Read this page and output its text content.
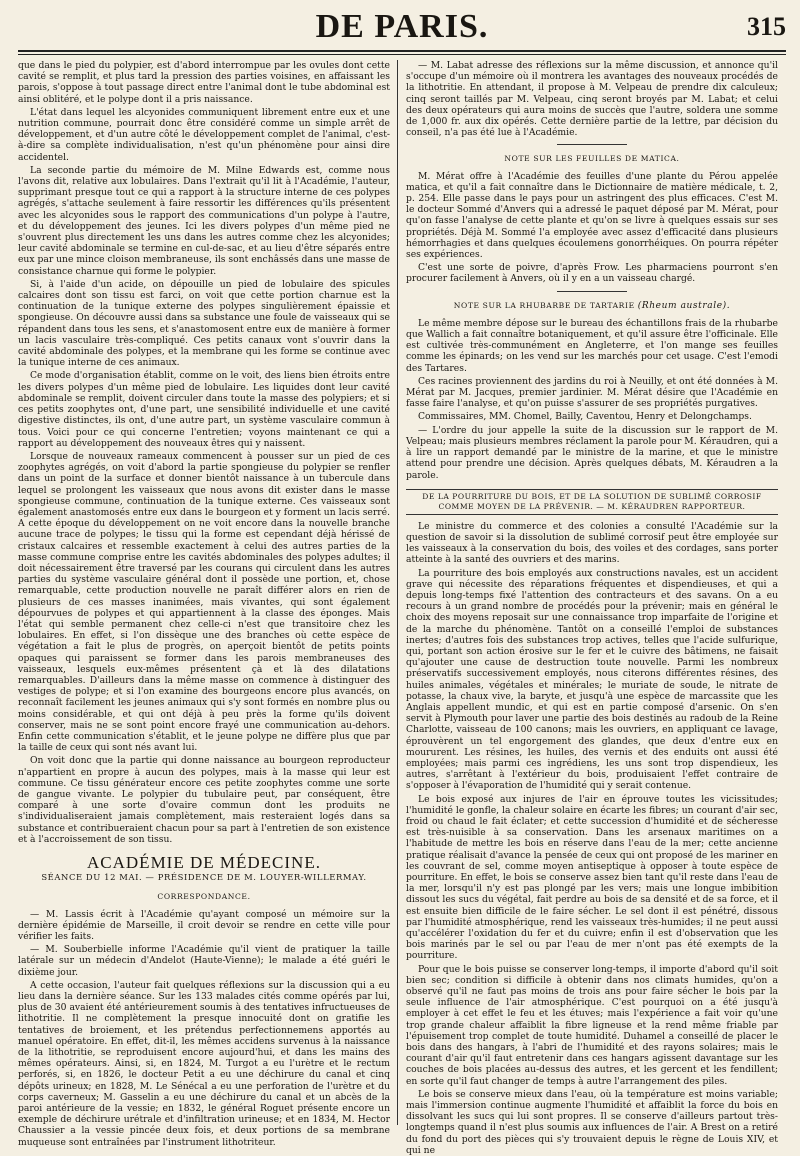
DE PARIS.	315

que dans le pied du polypier, est d'abord interrompue par les ovules dont cette cavité se remplit, et plus tard la pression des parties voisines, en affaissant les parois, s'oppose à tout passage direct entre l'animal dont le tube abdominal est ainsi oblitéré, et le polype dont il a pris naissance.

L'état dans lequel les alcyonides communiquent librement entre eux et une nutrition commune, pourrait donc être considéré comme un simple arrêt de développement, et d'un autre côté le développement complet de l'animal, c'est-à-dire sa complète individualisation, n'est qu'un phénomène pour ainsi dire accidentel.

La seconde partie du mémoire de M. Milne Edwards est, comme nous l'avons dit, relative aux lobulaires. Dans l'extrait qu'il lit à l'Académie, l'auteur, supprimant presque tout ce qui a rapport à la structure interne de ces polypes agrégés, s'attache seulement à faire ressortir les différences qu'ils présentent avec les alcyonides sous le rapport des communications d'un polype à l'autre, et du développement des jeunes. Ici les divers polypes d'un même pied ne s'ouvrent plus directement les uns dans les autres comme chez les alcyonides; leur cavité abdominale se termine en cul-de-sac, et au lieu d'être séparés entre eux par une mince cloison membraneuse, ils sont enchâssés dans une masse de consistance charnue qui forme le polypier.

Si, à l'aide d'un acide, on dépouille un pied de lobulaire des spicules calcaires dont son tissu est farci, on voit que cette portion charnue est la continuation de la tunique externe des polypes singulièrement épaissie et spongieuse. On découvre aussi dans sa substance une foule de vaisseaux qui se répandent dans tous les sens, et s'anastomosent entre eux de manière à former un lacis vasculaire très-compliqué. Ces petits canaux vont s'ouvrir dans la cavité abdominale des polypes, et la membrane qui les forme se continue avec la tunique interne de ces animaux.

Ce mode d'organisation établit, comme on le voit, des liens bien étroits entre les divers polypes d'un même pied de lobulaire. Les liquides dont leur cavité abdominale se remplit, doivent circuler dans toute la masse des polypiers; et si ces petits zoophytes ont, d'une part, une sensibilité individuelle et une cavité digestive distinctes, ils ont, d'une autre part, un système vasculaire commun à tous. Voici pour ce qui concerne l'entretien; voyons maintenant ce qui a rapport au développement des nouveaux êtres qui y naissent.

Lorsque de nouveaux rameaux commencent à pousser sur un pied de ces zoophytes agrégés, on voit d'abord la partie spongieuse du polypier se renfler dans un point de la surface et donner bientôt naissance à un tubercule dans lequel se prolongent les vaisseaux que nous avons dit exister dans le masse spongieuse commune, continuation de la tunique externe. Ces vaisseaux sont également anastomosés entre eux dans le bourgeon et y forment un lacis serré. A cette époque du développement on ne voit encore dans la nouvelle branche aucune trace de polypes; le tissu qui la forme est cependant déjà hérissé de cristaux calcaires et ressemble exactement à celui des autres parties de la masse commune comprise entre les cavités abdominales des polypes adultes; il doit nécessairement être traversé par les courans qui circulent dans les autres parties du système vasculaire général dont il possède une portion, et, chose remarquable, cette production nouvelle ne paraît différer alors en rien de plusieurs de ces masses inanimées, mais vivantes, qui sont également dépourvues de polypes et qui appartiennent à la classe des éponges. Mais l'état qui semble permanent chez celle-ci n'est que transitoire chez les lobulaires. En effet, si l'on dissèque une des branches où cette espèce de végétation a fait le plus de progrès, on aperçoit bientôt de petits points opaques qui paraissent se former dans les parois membraneuses des vaisseaux, lesquels eux-mêmes présentent çà et là des dilatations remarquables. D'ailleurs dans la même masse on commence à distinguer des vestiges de polype; et si l'on examine des bourgeons encore plus avancés, on reconnaît facilement les jeunes animaux qui s'y sont formés en nombre plus ou moins considérable, et qui ont déjà à peu près la forme qu'ils doivent conserver, mais ne se sont point encore frayé une communication au-dehors. Enfin cette communication s'établit, et le jeune polype ne diffère plus que par la taille de ceux qui sont nés avant lui.

On voit donc que la partie qui donne naissance au bourgeon reproducteur n'appartient en propre à aucun des polypes, mais à la masse qui leur est commune. Ce tissu générateur encore ces petite zoophytes comme une sorte de gangue vivante. Le polypier du tubulaire peut, par conséquent, être comparé à une sorte d'ovaire commun dont les produits ne s'individualiseraient jamais complètement, mais resteraient logés dans sa substance et contribueraient chacun pour sa part à l'entretien de son existence et à l'accroissement de son tissu.

ACADÉMIE DE MÉDECINE.
SÉANCE DU 12 MAI. — PRÉSIDENCE DE M. LOUYER-WILLERMAY.
CORRESPONDANCE.

— M. Lassis écrit à l'Académie qu'ayant composé un mémoire sur la dernière épidémie de Marseille, il croit devoir se rendre en cette ville pour vérifier les faits.

— M. Souberbielle informe l'Académie qu'il vient de pratiquer la taille latérale sur un médecin d'Andelot (Haute-Vienne); le malade a été guéri le dixième jour.

A cette occasion, l'auteur fait quelques réflexions sur la discussion qui a eu lieu dans la dernière séance. Sur les 133 malades cités comme opérés par lui, plus de 30 avaient été antérieurement soumis à des tentatives infructueuses de lithotritie. Il ne complètement la presque innocuité dont on gratifie les tentatives de broiement, et les prétendus perfectionnemens apportés au manuel opératoire. En effet, dit-il, les mêmes accidens survenus à la naissance de la lithotritie, se reproduisent encore aujourd'hui, et dans les mains des mêmes opérateurs. Ainsi, si, en 1824, M. Turgot a eu l'urètre et le rectum perforés, si, en 1826, le docteur Petit a eu une déchirure du canal et cinq dépôts urineux; en 1828, M. Le Sénécal a eu une perforation de l'urètre et du corps caverneux; M. Gasselin a eu une déchirure du canal et un abcès de la paroi antérieure de la vessie; en 1832, le général Roguet présente encore un exemple de déchirure urétrale et d'infiltration urineuse; et en 1834, M. Hector Chaussier a la vessie pincée deux fois, et deux portions de sa membrane muqueuse sont entraînées par l'instrument lithotriteur.

— M. Labat adresse des réflexions sur la même discussion, et annonce qu'il s'occupe d'un mémoire où il montrera les avantages des nouveaux procédés de la lithotritie. En attendant, il propose à M. Velpeau de prendre dix calculeux; cinq seront taillés par M. Velpeau, cinq seront broyés par M. Labat; et celui des deux opérateurs qui aura moins de succès que l'autre, soldera une somme de 1,000 fr. aux dix opérés. Cette dernière partie de la lettre, par décision du conseil, n'a pas été lue à l'Académie.

NOTE SUR LES FEUILLES DE MATICA.

M. Mérat offre à l'Académie des feuilles d'une plante du Pérou appelée matica, et qu'il a fait connaître dans le Dictionnaire de matière médicale, t. 2, p. 254. Elle passe dans le pays pour un astringent des plus efficaces. C'est M. le docteur Sommé d'Anvers qui a adressé le paquet déposé par M. Mérat, pour qu'on fasse l'analyse de cette plante et qu'on se livre à quelques essais sur ses propriétés. Déjà M. Sommé l'a employée avec assez d'efficacité dans plusieurs hémorrhagies et dans quelques écoulemens gonorrhéiques. On pourra répéter ses expériences.

C'est une sorte de poivre, d'après Frow. Les pharmaciens pourront s'en procurer facilement à Anvers, où il y en a un vaisseau chargé.

NOTE SUR LA RHUBARBE DE TARTARIE (Rheum australe).

Le même membre dépose sur le bureau des échantillons frais de la rhubarbe que Wallich a fait connaître botaniquement, et qu'il assure être l'officinale. Elle est cultivée très-communément en Angleterre, et l'on mange ses feuilles comme les épinards; on les vend sur les marchés pour cet usage. C'est l'emodi des Tartares.

Ces racines proviennent des jardins du roi à Neuilly, et ont été données à M. Mérat par M. Jacques, premier jardinier. M. Mérat désire que l'Académie en fasse faire l'analyse, et qu'on puisse s'assurer de ses propriétés purgatives.

Commissaires, MM. Chomel, Bailly, Caventou, Henry et Delongchamps.

— L'ordre du jour appelle la suite de la discussion sur le rapport de M. Velpeau; mais plusieurs membres réclament la parole pour M. Kéraudren, qui a à lire un rapport demandé par le ministre de la marine, et que le ministre attend pour prendre une décision. Après quelques débats, M. Kéraudren a la parole.

DE LA POURRITURE DU BOIS, ET DE LA SOLUTION DE SUBLIMÉ CORROSIF COMME MOYEN DE LA PRÉVENIR. — M. KÉRAUDREN RAPPORTEUR.

Le ministre du commerce et des colonies a consulté l'Académie sur la question de savoir si la dissolution de sublimé corrosif peut être employée sur les vaisseaux à la conservation du bois, des voiles et des cordages, sans porter atteinte à la santé des ouvriers et des marins.

La pourriture des bois employés aux constructions navales, est un accident grave qui nécessite des réparations fréquentes et dispendieuses, et qui a depuis long-temps fixé l'attention des contracteurs et des savans. On a eu recours à un grand nombre de procédés pour la prévenir; mais en général le choix des moyens reposait sur une connaissance trop imparfaite de l'origine et de la marche du phénomène. Tantôt on a conseillé l'emploi de substances inertes; d'autres fois des substances trop actives, telles que l'acide sulfurique, qui, portant son action érosive sur le fer et le cuivre des bâtimens, ne faisait qu'ajouter une cause de destruction toute nouvelle. Parmi les nombreux préservatifs successivement employés, nous citerons différentes résines, des huiles animales, végétales et minérales; le muriate de soude, le nitrate de potasse, la chaux vive, la baryte, et jusqu'à une espèce de marcassite que les Anglais appellent mundic, et qui est en partie composé d'arsenic. On s'en servit à Plymouth pour laver une partie des bois destinés au radoub de la Reine Charlotte, vaisseau de 100 canons; mais les ouvriers, en appliquant ce lavage, éprouvèrent un tel engorgement des glandes, que deux d'entre eux en moururent. Les résines, les huiles, des vernis et des enduits ont aussi été employées; mais parmi ces ingrédiens, les uns sont trop dispendieux, les autres, s'arrêtant à l'extérieur du bois, produisaient l'effet contraire de s'opposer à l'évaporation de l'humidité qui y serait contenue.

Le bois exposé aux injures de l'air en éprouve toutes les vicissitudes; l'humidité le gonfle, la chaleur solaire en écarte les fibres; un courant d'air sec, froid ou chaud le fait éclater; et cette succession d'humidité et de sécheresse est très-nuisible à sa conservation. Dans les arsenaux maritimes on a l'habitude de mettre les bois en réserve dans l'eau de la mer; cette ancienne pratique réalisait d'avance la pensée de ceux qui ont proposé de les mariner en les couvrant de sel, comme moyen antiseptique à opposer à toute espèce de pourriture. En effet, le bois se conserve assez bien tant qu'il reste dans l'eau de la mer, lorsqu'il n'y est pas plongé par les vers; mais une longue imbibition dissout les sucs du végétal, fait perdre au bois de sa densité et de sa force, et il est ensuite bien difficile de le faire sécher. Le sel dont il est pénétré, dissous par l'humidité atmosphérique, rend les vaisseaux très-humides; il ne peut aussi qu'accélérer l'oxidation du fer et du cuivre; enfin il est d'observation que les bois marinés par le sel ou par l'eau de mer n'ont pas été exempts de la pourriture.

Pour que le bois puisse se conserver long-temps, il importe d'abord qu'il soit bien sec; condition si difficile à obtenir dans nos climats humides, qu'on a observé qu'il ne faut pas moins de trois ans pour faire sécher le bois par la seule influence de l'air atmosphérique. C'est pourquoi on a été jusqu'à employer à cet effet le feu et les étuves; mais l'expérience a fait voir qu'une trop grande chaleur affaiblit la fibre ligneuse et la rend même friable par l'épuisement trop complet de toute humidité. Duhamel a conseillé de placer le bois dans des hangars, à l'abri de l'humidité et des rayons solaires; mais le courant d'air qu'il faut entretenir dans ces hangars agissent davantage sur les couches de bois placées au-dessus des autres, et les gercent et les fendillent; en sorte qu'il faut changer de temps à autre l'arrangement des piles.

Le bois se conserve mieux dans l'eau, où la température est moins variable; mais l'immersion continue augmente l'humidité et affaiblit la force du bois en dissolvant les sucs qui lui sont propres. Il se conserve d'ailleurs partout très-longtemps quand il n'est plus soumis aux influences de l'air. A Brest on a retiré du fond du port des pièces qui s'y trouvaient depuis le règne de Louis XIV, et qui ne
